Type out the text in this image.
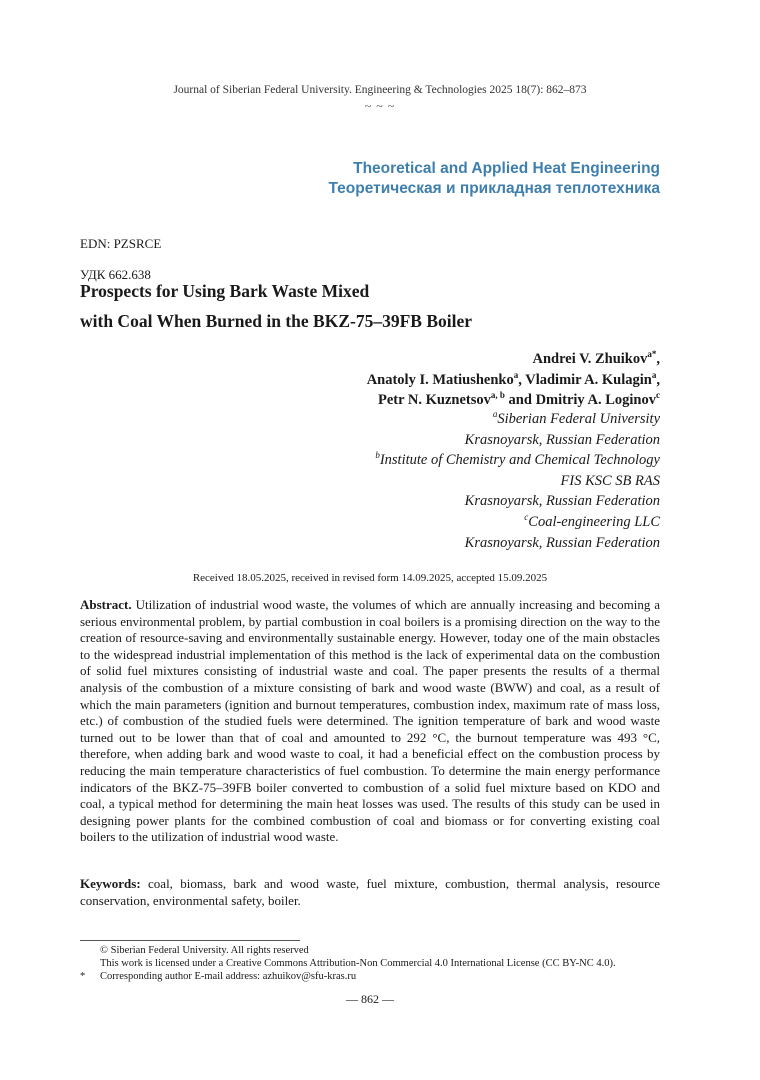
Journal of Siberian Federal University. Engineering & Technologies 2025 18(7): 862–873
~ ~ ~
Theoretical and Applied Heat Engineering
Теоретическая и прикладная теплотехника
EDN: PZSRCE
УДК 662.638
Prospects for Using Bark Waste Mixed
with Coal When Burned in the BKZ-75–39FB Boiler
Andrei V. Zhuikov$^{a*}$,
Anatoly I. Matiushenko$^a$, Vladimir A. Kulagin$^a$,
Petr N. Kuznetsov$^{a, b}$ and Dmitriy A. Loginov$^c$
$^a$Siberian Federal University
Krasnoyarsk, Russian Federation
$^b$Institute of Chemistry and Chemical Technology
FIS KSC SB RAS
Krasnoyarsk, Russian Federation
$^c$Coal-engineering LLC
Krasnoyarsk, Russian Federation
Received 18.05.2025, received in revised form 14.09.2025, accepted 15.09.2025
Abstract. Utilization of industrial wood waste, the volumes of which are annually increasing and becoming a serious environmental problem, by partial combustion in coal boilers is a promising direction on the way to the creation of resource-saving and environmentally sustainable energy. However, today one of the main obstacles to the widespread industrial implementation of this method is the lack of experimental data on the combustion of solid fuel mixtures consisting of industrial waste and coal. The paper presents the results of a thermal analysis of the combustion of a mixture consisting of bark and wood waste (BWW) and coal, as a result of which the main parameters (ignition and burnout temperatures, combustion index, maximum rate of mass loss, etc.) of combustion of the studied fuels were determined. The ignition temperature of bark and wood waste turned out to be lower than that of coal and amounted to 292 °C, the burnout temperature was 493 °C, therefore, when adding bark and wood waste to coal, it had a beneficial effect on the combustion process by reducing the main temperature characteristics of fuel combustion. To determine the main energy performance indicators of the BKZ-75–39FB boiler converted to combustion of a solid fuel mixture based on KDO and coal, a typical method for determining the main heat losses was used. The results of this study can be used in designing power plants for the combined combustion of coal and biomass or for converting existing coal boilers to the utilization of industrial wood waste.
Keywords: coal, biomass, bark and wood waste, fuel mixture, combustion, thermal analysis, resource conservation, environmental safety, boiler.
© Siberian Federal University. All rights reserved
This work is licensed under a Creative Commons Attribution-Non Commercial 4.0 International License (CC BY-NC 4.0).
* Corresponding author E-mail address: azhuikov@sfu-kras.ru
— 862 —
